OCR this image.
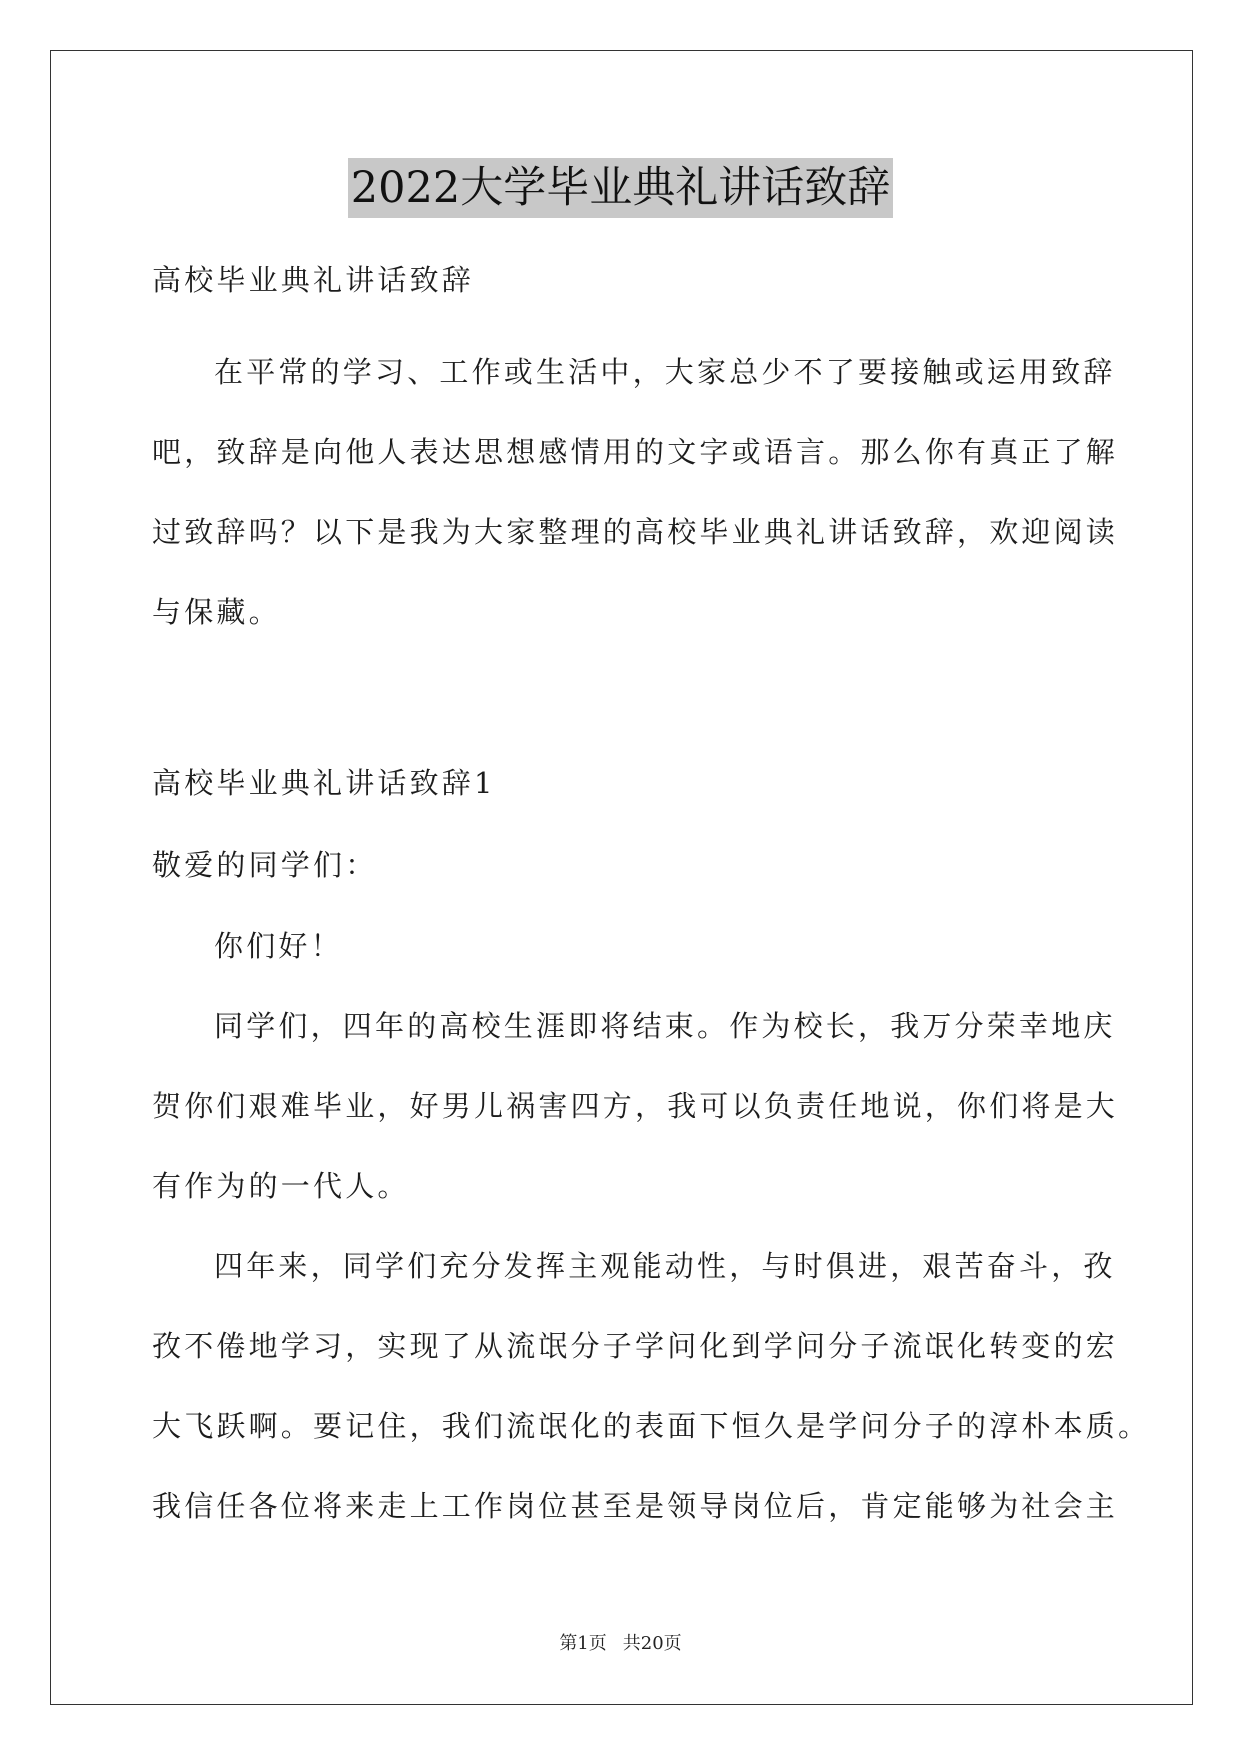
2022大学毕业典礼讲话致辞
高校毕业典礼讲话致辞
在平常的学习、工作或生活中，大家总少不了要接触或运用致辞
吧，致辞是向他人表达思想感情用的文字或语言。那么你有真正了解
过致辞吗？以下是我为大家整理的高校毕业典礼讲话致辞，欢迎阅读
与保藏。
高校毕业典礼讲话致辞1
敬爱的同学们：
你们好！
同学们，四年的高校生涯即将结束。作为校长，我万分荣幸地庆
贺你们艰难毕业，好男儿祸害四方，我可以负责任地说，你们将是大
有作为的一代人。
四年来，同学们充分发挥主观能动性，与时俱进，艰苦奋斗，孜
孜不倦地学习，实现了从流氓分子学问化到学问分子流氓化转变的宏
大飞跃啊。要记住，我们流氓化的表面下恒久是学问分子的淳朴本质。
我信任各位将来走上工作岗位甚至是领导岗位后，肯定能够为社会主
第1页 共20页
